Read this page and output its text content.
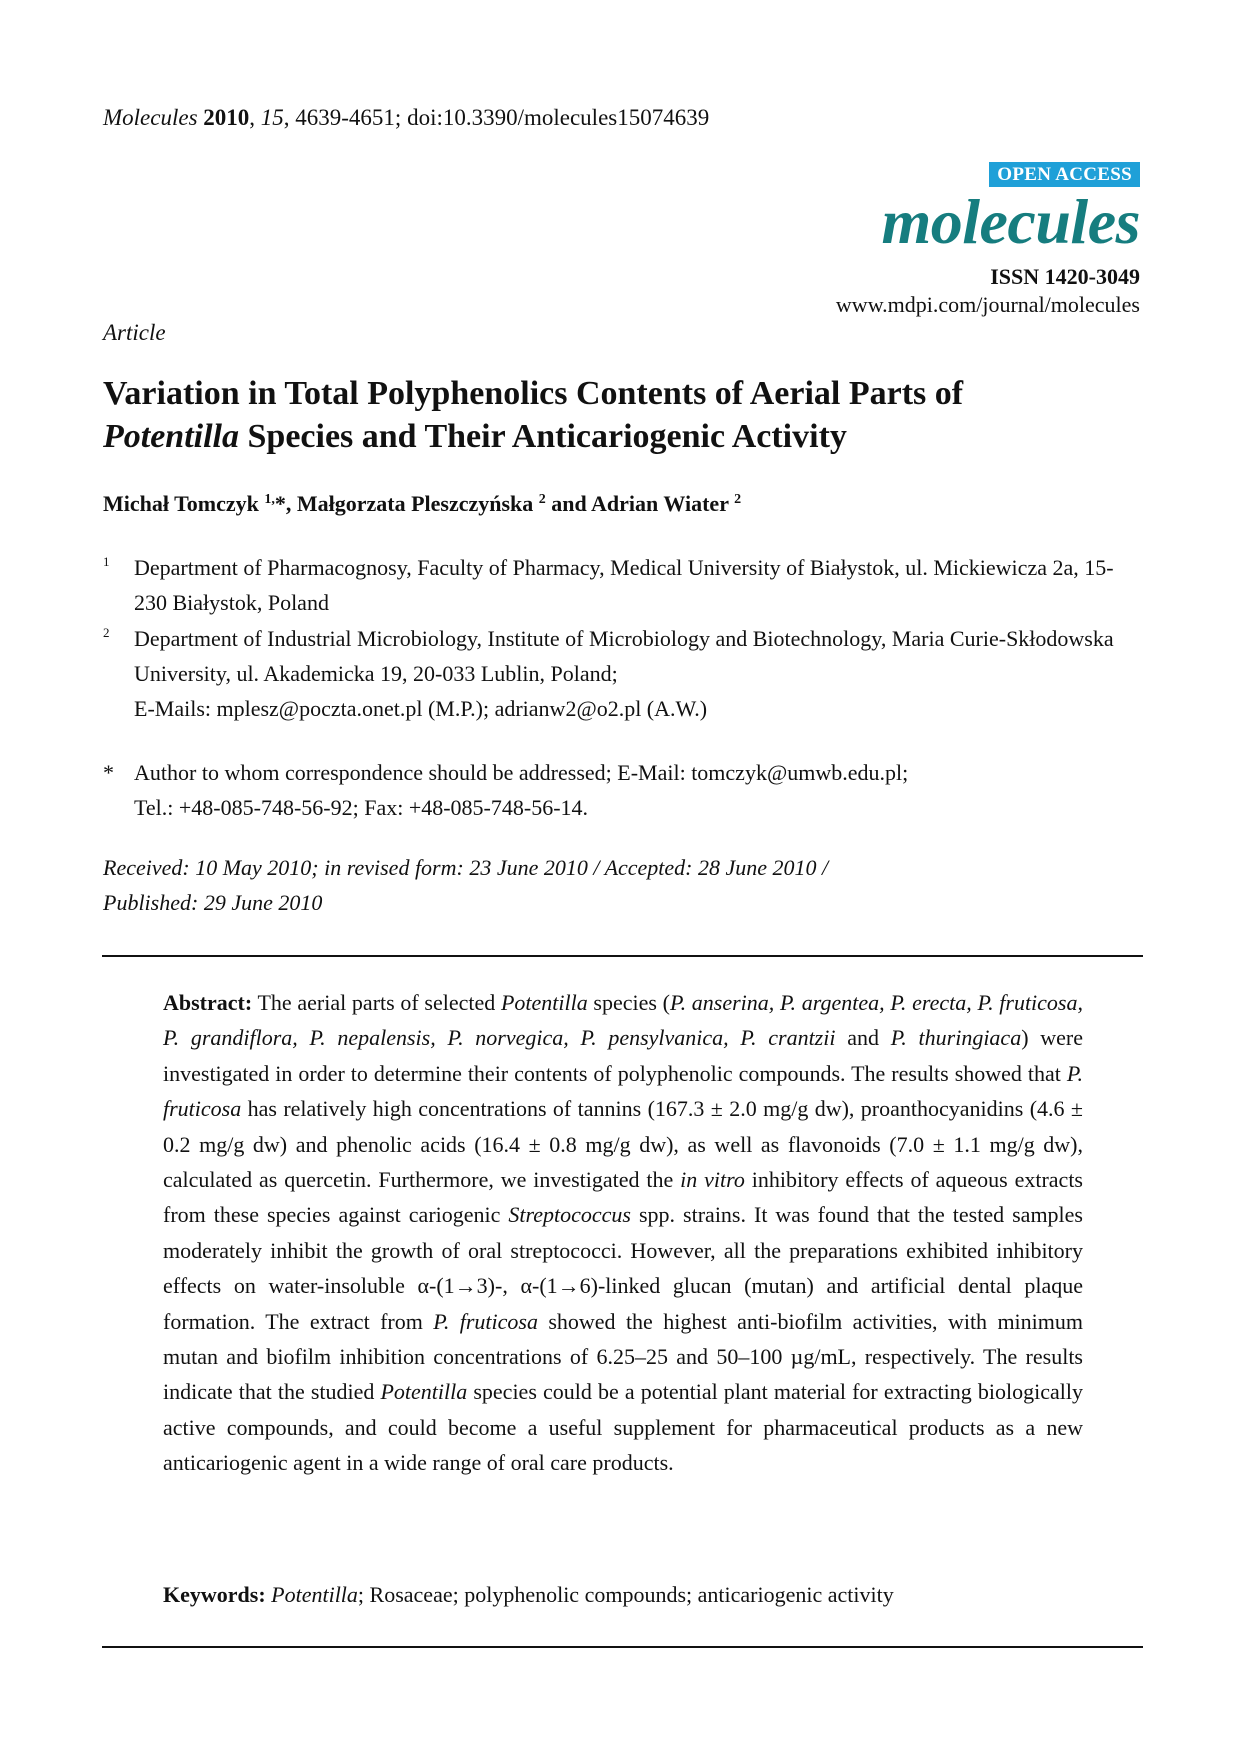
Molecules 2010, 15, 4639-4651; doi:10.3390/molecules15074639
OPEN ACCESS
molecules
ISSN 1420-3049
www.mdpi.com/journal/molecules
Article
Variation in Total Polyphenolics Contents of Aerial Parts of
Potentilla Species and Their Anticariogenic Activity
Michał Tomczyk $^{1,}$*, Małgorzata Pleszczyńska $^2$ and Adrian Wiater $^2$
1 Department of Pharmacognosy, Faculty of Pharmacy, Medical University of Białystok, ul. Mickiewicza 2a, 15-230 Białystok, Poland
2 Department of Industrial Microbiology, Institute of Microbiology and Biotechnology, Maria Curie-Skłodowska University, ul. Akademicka 19, 20-033 Lublin, Poland;
E-Mails: mplesz@poczta.onet.pl (M.P.); adrianw2@o2.pl (A.W.)
* Author to whom correspondence should be addressed; E-Mail: tomczyk@umwb.edu.pl;
Tel.: +48-085-748-56-92; Fax: +48-085-748-56-14.
Received: 10 May 2010; in revised form: 23 June 2010 / Accepted: 28 June 2010 /
Published: 29 June 2010
Abstract: The aerial parts of selected Potentilla species (P. anserina, P. argentea, P. erecta, P. fruticosa, P. grandiflora, P. nepalensis, P. norvegica, P. pensylvanica, P. crantzii and P. thuringiaca) were investigated in order to determine their contents of polyphenolic compounds. The results showed that P. fruticosa has relatively high concentrations of tannins (167.3 ± 2.0 mg/g dw), proanthocyanidins (4.6 ± 0.2 mg/g dw) and phenolic acids (16.4 ± 0.8 mg/g dw), as well as flavonoids (7.0 ± 1.1 mg/g dw), calculated as quercetin. Furthermore, we investigated the in vitro inhibitory effects of aqueous extracts from these species against cariogenic Streptococcus spp. strains. It was found that the tested samples moderately inhibit the growth of oral streptococci. However, all the preparations exhibited inhibitory effects on water-insoluble α-(1→3)-, α-(1→6)-linked glucan (mutan) and artificial dental plaque formation. The extract from P. fruticosa showed the highest anti-biofilm activities, with minimum mutan and biofilm inhibition concentrations of 6.25–25 and 50–100 µg/mL, respectively. The results indicate that the studied Potentilla species could be a potential plant material for extracting biologically active compounds, and could become a useful supplement for pharmaceutical products as a new anticariogenic agent in a wide range of oral care products.
Keywords: Potentilla; Rosaceae; polyphenolic compounds; anticariogenic activity
